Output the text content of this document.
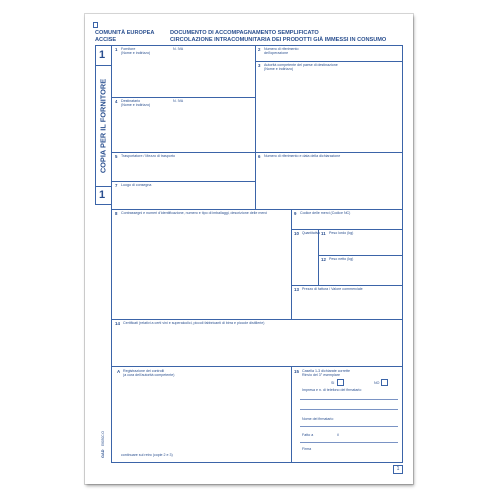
COMUNITÀ EUROPEA
ACCISE
DOCUMENTO DI ACCOMPAGNAMENTO SEMPLIFICATO
CIRCOLAZIONE INTRACOMUNITARIA DEI PRODOTTI GIÀ IMMESSI IN CONSUMO
1
1
COPIA PER IL FORNITORE
1 Fornitore
(Nome e indirizzo)
N. IVA	2 Numero di riferimento
dell'operazione
3 Autorità competente del paese di destinazione
(Nome e indirizzo)
4 Destinatario
(Nome e indirizzo)
N. IVA
5 Trasportatore / Mezzo di trasporto	6 Numero di riferimento e data della dichiarazione
7 Luogo di consegna
8 Contrassegni e numeri d'identificazione, numero e tipo di imballaggi, descrizione delle merci	9 Codice delle merci (Codice NC)
10 Quantitativo 11 Peso lordo (kg)
12 Peso netto (kg)
13 Prezzo di fattura / Valore commerciale
14 Certificati (relativi a certi vini e superalcolici, piccoli fabbricanti di birra e piccole distillerie)
A Registrazione dei controlli
(a cura dell'autorità competente)
continuare sul retro (copie 2 e 3)
15 Casella 1-3 dichiarate corrette
Rinvio del 3° esemplare
SI	NO
Impresa e n. di telefono del firmatario
Nome del firmatario
Fatto a	il
Firma
GAD
E8030C.O
1
